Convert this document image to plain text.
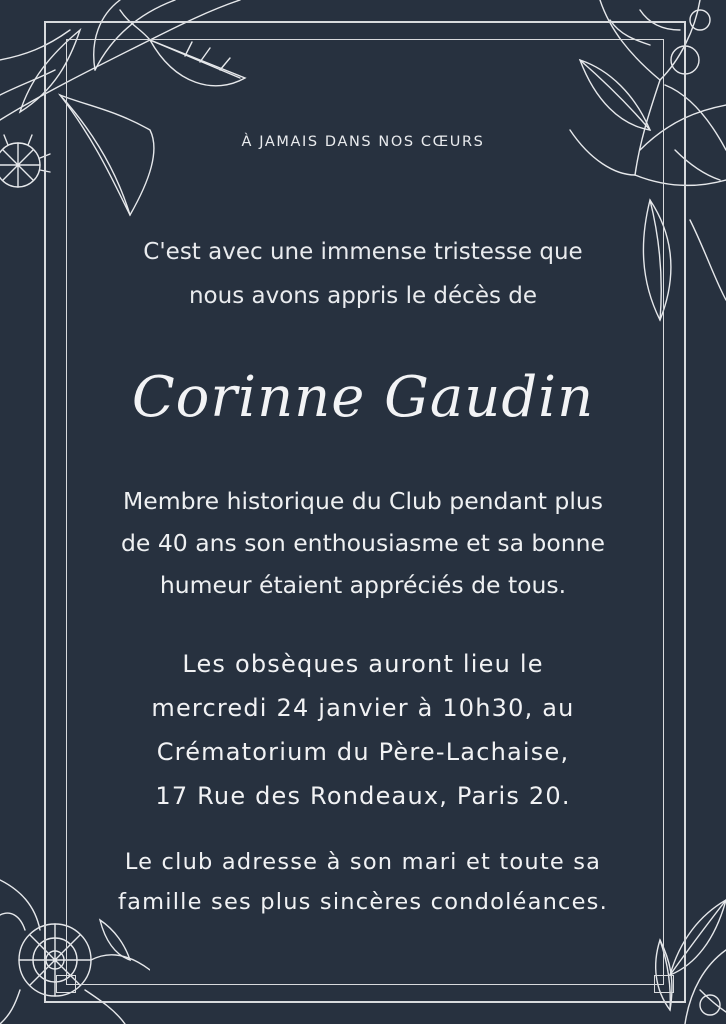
À JAMAIS DANS NOS CŒURS
C'est avec une immense tristesse que
nous avons appris le décès de
Corinne Gaudin
Membre historique du Club pendant plus
de 40 ans son enthousiasme et sa bonne
humeur étaient appréciés de tous.
Les obsèques auront lieu le
mercredi 24 janvier à 10h30, au
Crématorium du Père-Lachaise,
17 Rue des Rondeaux, Paris 20.
Le club adresse à son mari et toute sa
famille ses plus sincères condoléances.
